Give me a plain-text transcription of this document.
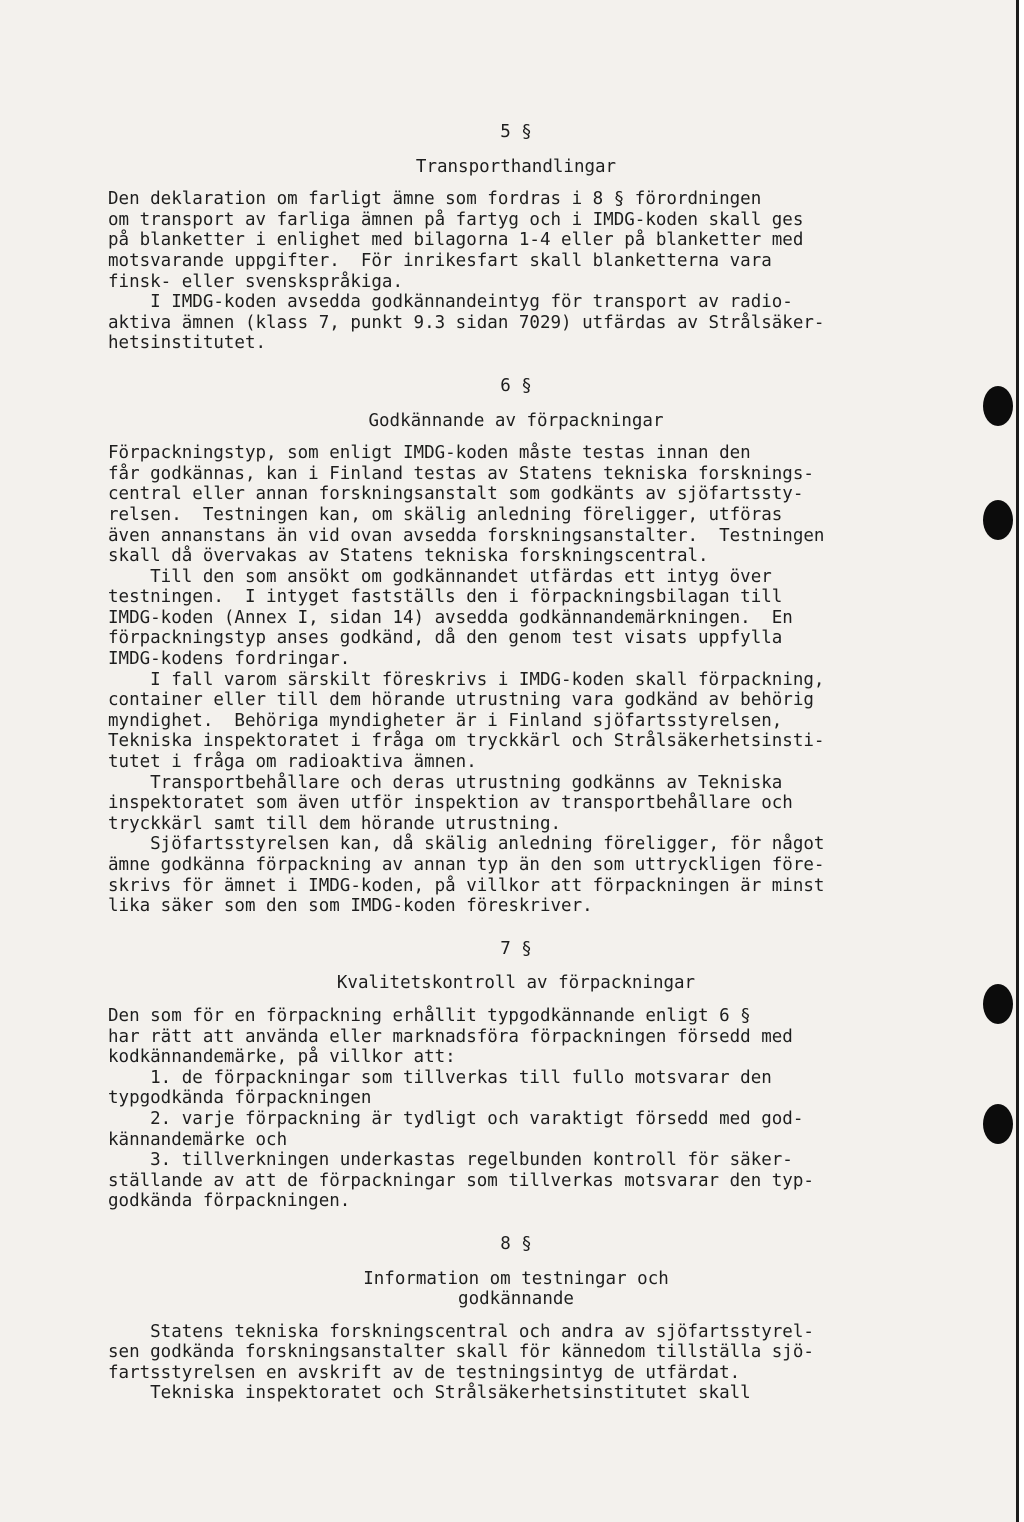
5 §
Transporthandlingar

Den deklaration om farligt ämne som fordras i 8 § förordningen
om transport av farliga ämnen på fartyg och i IMDG-koden skall ges
på blanketter i enlighet med bilagorna 1-4 eller på blanketter med
motsvarande uppgifter.  För inrikesfart skall blanketterna vara
finsk- eller svenskspråkiga.

I IMDG-koden avsedda godkännandeintyg för transport av radio-
aktiva ämnen (klass 7, punkt 9.3 sidan 7029) utfärdas av Strålsäker-
hetsinstitutet.

6 §
Godkännande av förpackningar

Förpackningstyp, som enligt IMDG-koden måste testas innan den
får godkännas, kan i Finland testas av Statens tekniska forsknings-
central eller annan forskningsanstalt som godkänts av sjöfartssty-
relsen.  Testningen kan, om skälig anledning föreligger, utföras
även annanstans än vid ovan avsedda forskningsanstalter.  Testningen
skall då övervakas av Statens tekniska forskningscentral.

Till den som ansökt om godkännandet utfärdas ett intyg över
testningen.  I intyget fastställs den i förpackningsbilagan till
IMDG-koden (Annex I, sidan 14) avsedda godkännandemärkningen.  En
förpackningstyp anses godkänd, då den genom test visats uppfylla
IMDG-kodens fordringar.

I fall varom särskilt föreskrivs i IMDG-koden skall förpackning,
container eller till dem hörande utrustning vara godkänd av behörig
myndighet.  Behöriga myndigheter är i Finland sjöfartsstyrelsen,
Tekniska inspektoratet i fråga om tryckkärl och Strålsäkerhetsinsti-
tutet i fråga om radioaktiva ämnen.

Transportbehållare och deras utrustning godkänns av Tekniska
inspektoratet som även utför inspektion av transportbehållare och
tryckkärl samt till dem hörande utrustning.

Sjöfartsstyrelsen kan, då skälig anledning föreligger, för något
ämne godkänna förpackning av annan typ än den som uttryckligen före-
skrivs för ämnet i IMDG-koden, på villkor att förpackningen är minst
lika säker som den som IMDG-koden föreskriver.

7 §
Kvalitetskontroll av förpackningar

Den som för en förpackning erhållit typgodkännande enligt 6 §
har rätt att använda eller marknadsföra förpackningen försedd med
kodkännandemärke, på villkor att:

1. de förpackningar som tillverkas till fullo motsvarar den
typgodkända förpackningen

2. varje förpackning är tydligt och varaktigt försedd med god-
kännandemärke och

3. tillverkningen underkastas regelbunden kontroll för säker-
ställande av att de förpackningar som tillverkas motsvarar den typ-
godkända förpackningen.

8 §
Information om testningar och
godkännande

Statens tekniska forskningscentral och andra av sjöfartsstyrel-
sen godkända forskningsanstalter skall för kännedom tillställa sjö-
fartsstyrelsen en avskrift av de testningsintyg de utfärdat.

Tekniska inspektoratet och Strålsäkerhetsinstitutet skall
